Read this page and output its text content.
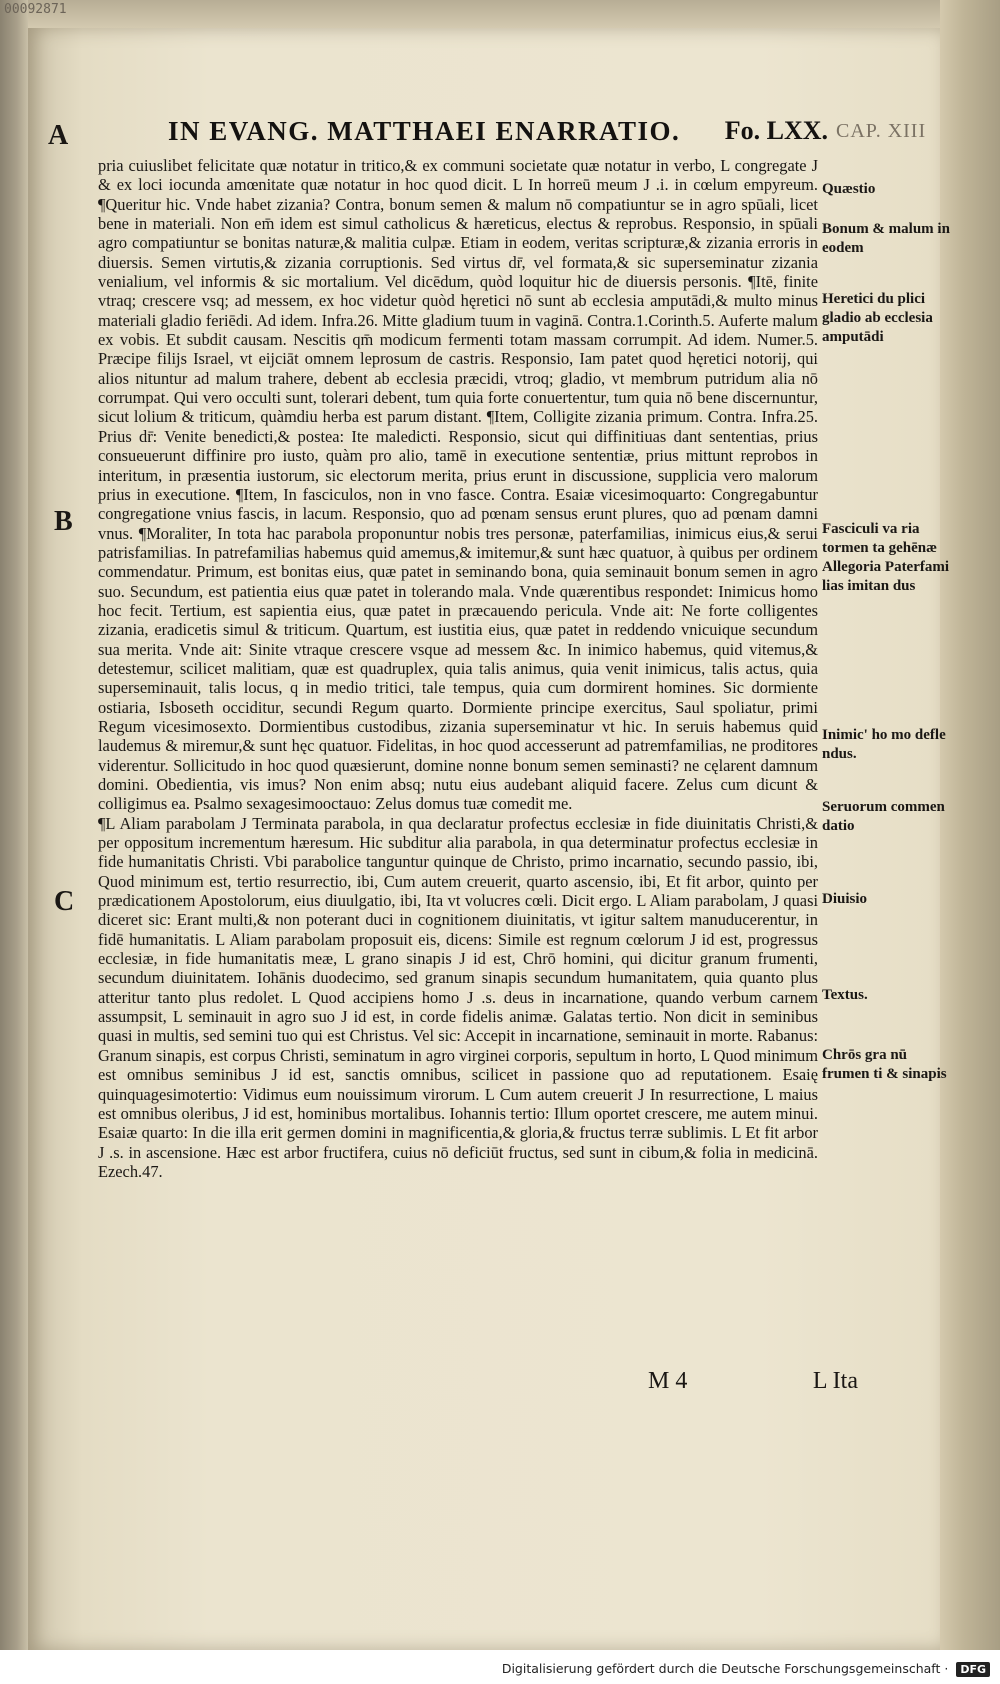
IN EVANG. MATTHAEI ENARRATIO. Fo. LXX. CAP. XIII
A
B
C

pria cuiuslibet felicitate quæ notatur in tritico,& ex communi societate quæ notatur in verbo, L congregate J & ex loci iocunda amœnitate quæ notatur in hoc quod dicit. L In horreū meum J .i. in cœlum empyreum. ¶Queritur hic. Vnde habet zizania? Contra, bonum semen & malum nō compatiuntur se in agro spūali, licet bene in materiali. Non em̄ idem est simul catholicus & hæreticus, electus & reprobus. Responsio, in spūali agro compatiuntur se bonitas naturæ,& malitia culpæ. Etiam in eodem, veritas scripturæ,& zizania erroris in diuersis. Semen virtutis,& zizania corruptionis. Sed virtus dr̄, vel formata,& sic superseminatur zizania venialium, vel informis & sic mortalium. Vel dicēdum, quòd loquitur hic de diuersis personis. ¶Itē, finite vtraq; crescere vsq; ad messem, ex hoc videtur quòd hęretici nō sunt ab ecclesia amputādi,& multo minus materiali gladio feriēdi. Ad idem. Infra.26. Mitte gladium tuum in vaginā. Contra.1.Corinth.5. Auferte malum ex vobis. Et subdit causam. Nescitis qm̄ modicum fermenti totam massam corrumpit. Ad idem. Numer.5. Præcipe filijs Israel, vt eijciāt omnem leprosum de castris. Responsio, Iam patet quod hęretici notorij, qui alios nituntur ad malum trahere, debent ab ecclesia præcidi, vtroq; gladio, vt membrum putridum alia nō corrumpat. Qui vero occulti sunt, tolerari debent, tum quia forte conuertentur, tum quia nō bene discernuntur, sicut lolium & triticum, quàmdiu herba est parum distant. ¶Item, Colligite zizania primum. Contra. Infra.25. Prius dr̄: Venite benedicti,& postea: Ite maledicti. Responsio, sicut qui diffinitiuas dant sententias, prius consueuerunt diffinire pro iusto, quàm pro alio, tamē in executione sententiæ, prius mittunt reprobos in interitum, in præsentia iustorum, sic electorum merita, prius erunt in discussione, supplicia vero malorum prius in executione. ¶Item, In fasciculos, non in vno fasce. Contra. Esaiæ vicesimoquarto: Congregabuntur congregatione vnius fascis, in lacum. Responsio, quo ad pœnam sensus erunt plures, quo ad pœnam damni vnus. ¶Moraliter, In tota hac parabola proponuntur nobis tres personæ, paterfamilias, inimicus eius,& serui patrisfamilias. In patrefamilias habemus quid amemus,& imitemur,& sunt hæc quatuor, à quibus per ordinem commendatur. Primum, est bonitas eius, quæ patet in seminando bona, quia seminauit bonum semen in agro suo. Secundum, est patientia eius quæ patet in tolerando mala. Vnde quærentibus respondet: Inimicus homo hoc fecit. Tertium, est sapientia eius, quæ patet in præcauendo pericula. Vnde ait: Ne forte colligentes zizania, eradicetis simul & triticum. Quartum, est iustitia eius, quæ patet in reddendo vnicuique secundum sua merita. Vnde ait: Sinite vtraque crescere vsque ad messem &c. In inimico habemus, quid vitemus,& detestemur, scilicet malitiam, quæ est quadruplex, quia talis animus, quia venit inimicus, talis actus, quia superseminauit, talis locus, q in medio tritici, tale tempus, quia cum dormirent homines. Sic dormiente ostiaria, Isboseth occiditur, secundi Regum quarto. Dormiente principe exercitus, Saul spoliatur, primi Regum vicesimosexto. Dormientibus custodibus, zizania superseminatur vt hic. In seruis habemus quid laudemus & miremur,& sunt hęc quatuor. Fidelitas, in hoc quod accesserunt ad patremfamilias, ne proditores viderentur. Sollicitudo in hoc quod quæsierunt, domine nonne bonum semen seminasti? ne cęlarent damnum domini. Obedientia, vis imus? Non enim absq; nutu eius audebant aliquid facere. Zelus cum dicunt & colligimus ea. Psalmo sexagesimooctauo: Zelus domus tuæ comedit me.

¶L Aliam parabolam J Terminata parabola, in qua declaratur profectus ecclesiæ in fide diuinitatis Christi,& per oppositum incrementum hæresum. Hic subditur alia parabola, in qua determinatur profectus ecclesiæ in fide humanitatis Christi. Vbi parabolice tanguntur quinque de Christo, primo incarnatio, secundo passio, ibi, Quod minimum est, tertio resurrectio, ibi, Cum autem creuerit, quarto ascensio, ibi, Et fit arbor, quinto per prædicationem Apostolorum, eius diuulgatio, ibi, Ita vt volucres cœli. Dicit ergo. L Aliam parabolam, J quasi diceret sic: Erant multi,& non poterant duci in cognitionem diuinitatis, vt igitur saltem manuducerentur, in fidē humanitatis. L Aliam parabolam proposuit eis, dicens: Simile est regnum cœlorum J id est, progressus ecclesiæ, in fide humanitatis meæ, L grano sinapis J id est, Chrō homini, qui dicitur granum frumenti, secundum diuinitatem. Iohānis duodecimo, sed granum sinapis secundum humanitatem, quia quanto plus atteritur tanto plus redolet. L Quod accipiens homo J .s. deus in incarnatione, quando verbum carnem assumpsit, L seminauit in agro suo J id est, in corde fidelis animæ. Galatas tertio. Non dicit in seminibus quasi in multis, sed semini tuo qui est Christus. Vel sic: Accepit in incarnatione, seminauit in morte. Rabanus: Granum sinapis, est corpus Christi, seminatum in agro virginei corporis, sepultum in horto, L Quod minimum est omnibus seminibus J id est, sanctis omnibus, scilicet in passione quo ad reputationem. Esaię quinquagesimotertio: Vidimus eum nouissimum virorum. L Cum autem creuerit J In resurrectione, L maius est omnibus oleribus, J id est, hominibus mortalibus. Iohannis tertio: Illum oportet crescere, me autem minui. Esaiæ quarto: In die illa erit germen domini in magnificentia,& gloria,& fructus terræ sublimis. L Et fit arbor J .s. in ascensione. Hæc est arbor fructifera, cuius nō deficiūt fructus, sed sunt in cibum,& folia in medicinā. Ezech.47.

Quæstio
Bonum & malum in eodem
Heretici du plici gladio ab ecclesia amputādi
Fasciculi va ria tormen ta gehēnæ Allegoria Paterfami lias imitan dus
Inimic' ho mo defle ndus.
Seruorum commen datio
Diuisio
Textus.
Chrōs gra nū frumen ti & sinapis
M 4	L Ita
00092871
Digitalisierung gefördert durch die Deutsche Forschungsgemeinschaft · DFG
